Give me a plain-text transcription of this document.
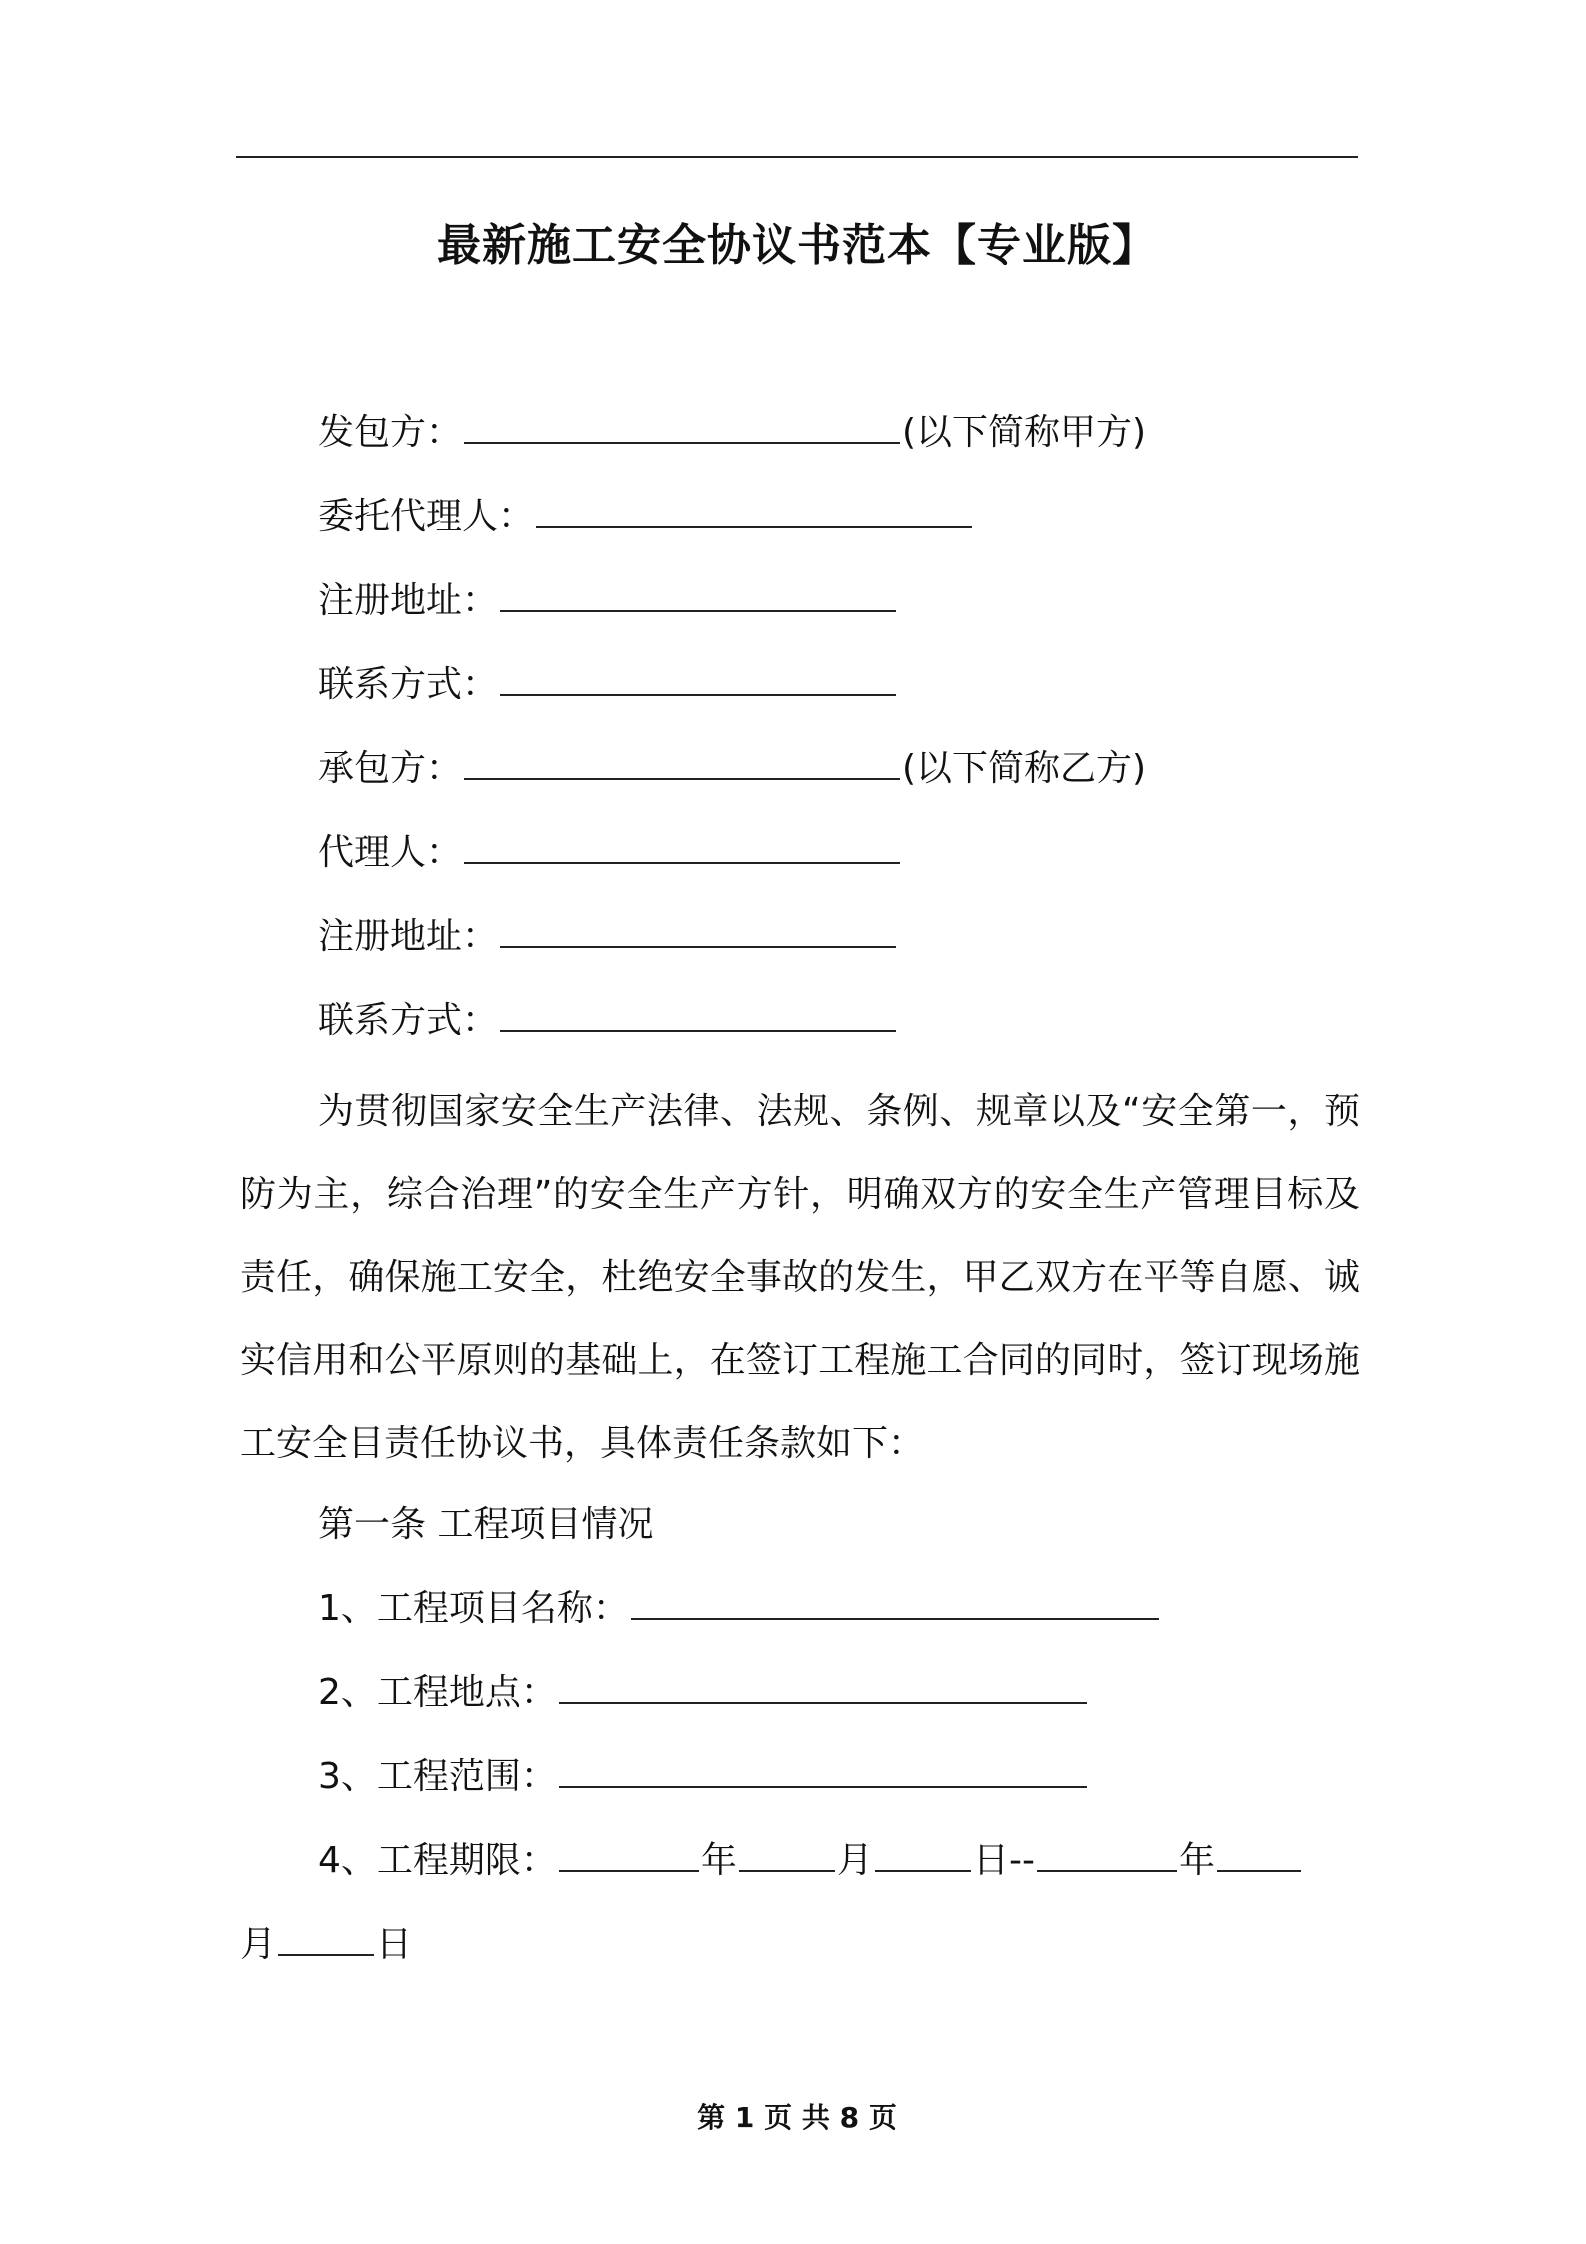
最新施工安全协议书范本【专业版】
发包方：	(以下简称甲方)
委托代理人：
注册地址：
联系方式：
承包方：	(以下简称乙方)
代理人：
注册地址：
联系方式：
为贯彻国家安全生产法律、法规、条例、规章以及“安全第一，预防为主，综合治理”的安全生产方针，明确双方的安全生产管理目标及责任，确保施工安全，杜绝安全事故的发生，甲乙双方在平等自愿、诚实信用和公平原则的基础上，在签订工程施工合同的同时，签订现场施工安全目责任协议书，具体责任条款如下：
第一条 工程项目情况
1、工程项目名称：
2、工程地点：
3、工程范围：
4、工程期限：	年	月	日--	年
月	日
第 1 页 共 8 页
